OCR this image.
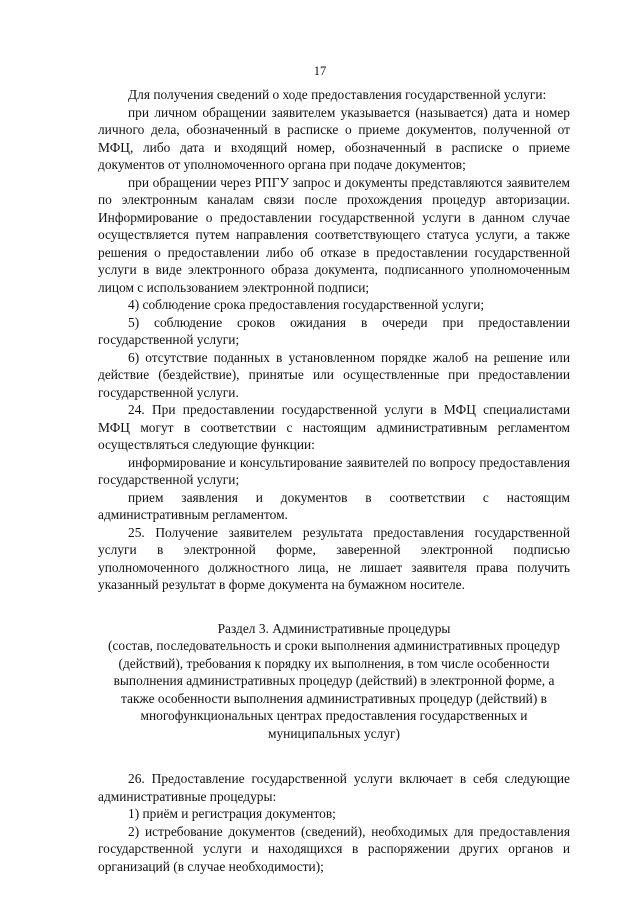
17

Для получения сведений о ходе предоставления государственной услуги:

при личном обращении заявителем указывается (называется) дата и номер личного дела, обозначенный в расписке о приеме документов, полученной от МФЦ, либо дата и входящий номер, обозначенный в расписке о приеме документов от уполномоченного органа при подаче документов;

при обращении через РПГУ запрос и документы представляются заявителем по электронным каналам связи после прохождения процедур авторизации. Информирование о предоставлении государственной услуги в данном случае осуществляется путем направления соответствующего статуса услуги, а также решения о предоставлении либо об отказе в предоставлении государственной услуги в виде электронного образа документа, подписанного уполномоченным лицом с использованием электронной подписи;

4) соблюдение срока предоставления государственной услуги;

5) соблюдение сроков ожидания в очереди при предоставлении государственной услуги;

6) отсутствие поданных в установленном порядке жалоб на решение или действие (бездействие), принятые или осуществленные при предоставлении государственной услуги.

24. При предоставлении государственной услуги в МФЦ специалистами МФЦ могут в соответствии с настоящим административным регламентом осуществляться следующие функции:

информирование и консультирование заявителей по вопросу предоставления государственной услуги;

прием заявления и документов в соответствии с настоящим административным регламентом.

25. Получение заявителем результата предоставления государственной услуги в электронной форме, заверенной электронной подписью уполномоченного должностного лица, не лишает заявителя права получить указанный результат в форме документа на бумажном носителе.

Раздел 3. Административные процедуры
(состав, последовательность и сроки выполнения административных процедур (действий), требования к порядку их выполнения, в том числе особенности выполнения административных процедур (действий) в электронной форме, а также особенности выполнения административных процедур (действий) в многофункциональных центрах предоставления государственных и муниципальных услуг)

26. Предоставление государственной услуги включает в себя следующие административные процедуры:

1) приём и регистрация документов;

2) истребование документов (сведений), необходимых для предоставления государственной услуги и находящихся в распоряжении других органов и организаций (в случае необходимости);
